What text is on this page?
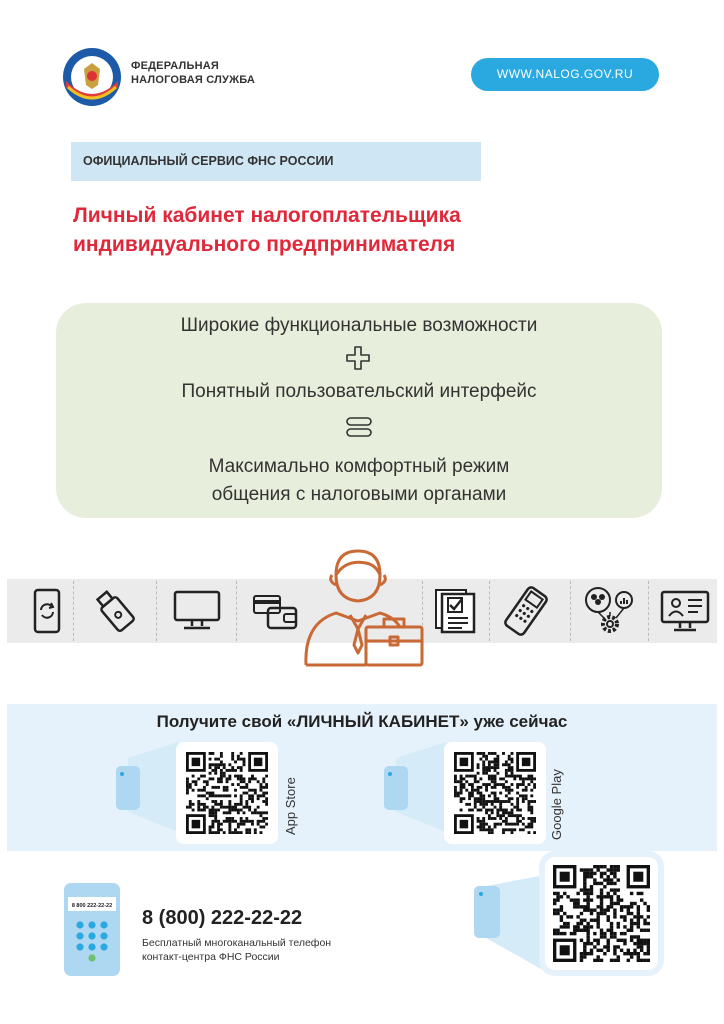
ФЕДЕРАЛЬНАЯ
НАЛОГОВАЯ СЛУЖБА	WWW.NALOG.GOV.RU
ОФИЦИАЛЬНЫЙ СЕРВИС ФНС РОССИИ
Личный кабинет налогоплательщика
индивидуального предпринимателя
Широкие функциональные возможности
Понятный пользовательский интерфейс
Максимально комфортный режим
общения с налоговыми органами
Получите свой «ЛИЧНЫЙ КАБИНЕТ» уже сейчас
App Store	Google Play
8 800 222-22-22
8 (800) 222-22-22
Бесплатный многоканальный телефон
контакт-центра ФНС России
